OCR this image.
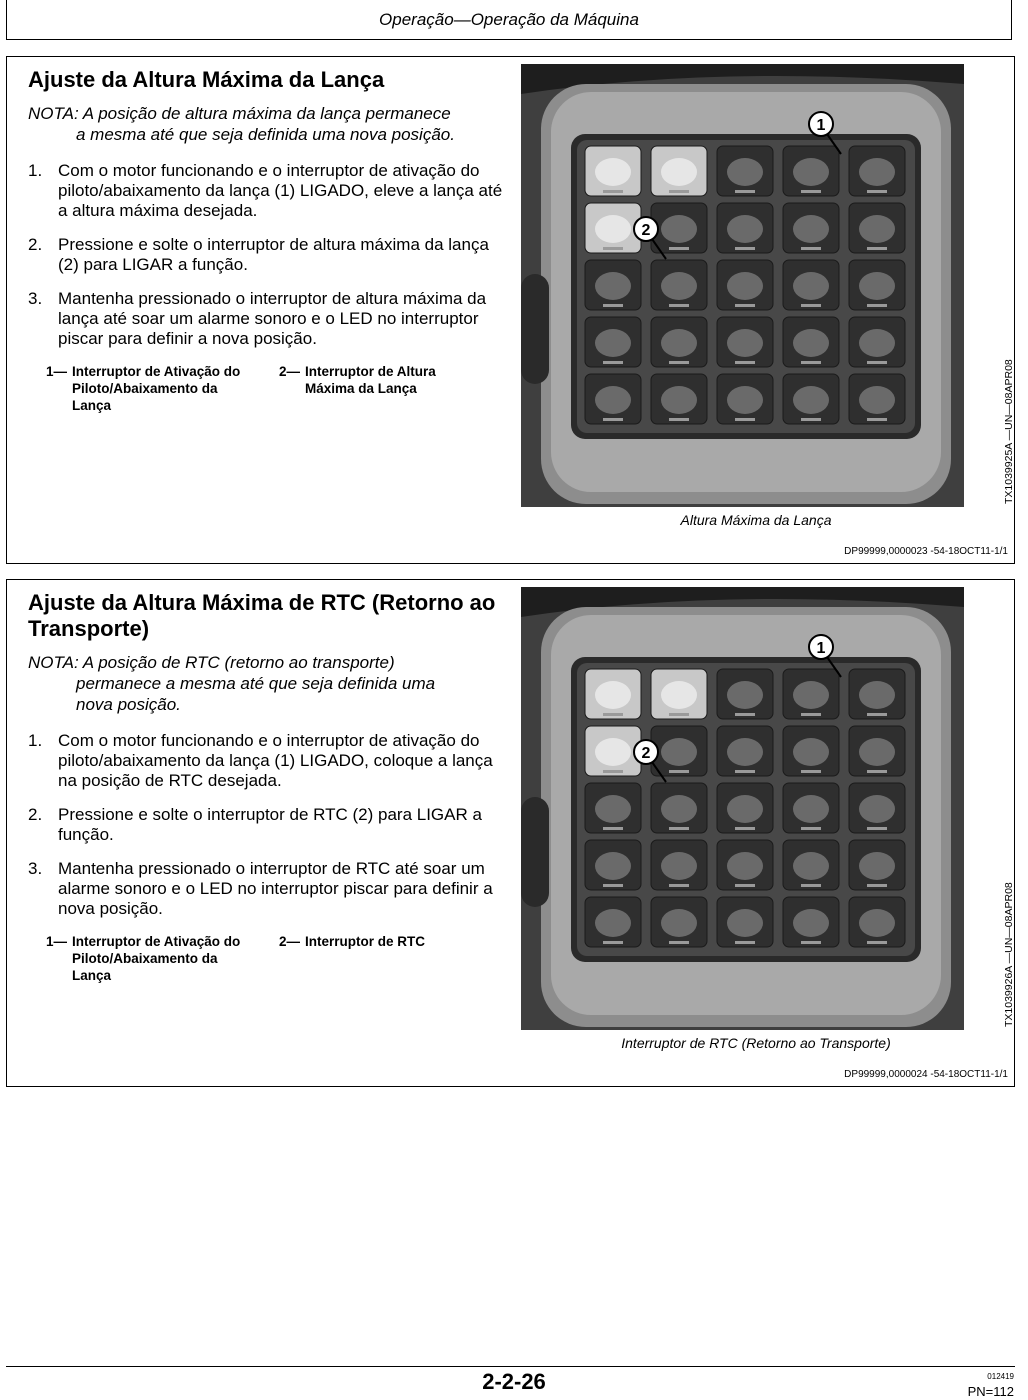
Operação—Operação da Máquina
Ajuste da Altura Máxima da Lança
NOTA: A posição de altura máxima da lança permanece
a mesma até que seja definida uma nova posição.
1. Com o motor funcionando e o interruptor de ativação do piloto/abaixamento da lança (1) LIGADO, eleve a lança até a altura máxima desejada.
2. Pressione e solte o interruptor de altura máxima da lança (2) para LIGAR a função.
3. Mantenha pressionado o interruptor de altura máxima da lança até soar um alarme sonoro e o LED no interruptor piscar para definir a nova posição.
1— Interruptor de Ativação do Piloto/Abaixamento da Lança
2— Interruptor de Altura Máxima da Lança
1
2
TX1039925A —UN—08APR08
Altura Máxima da Lança
DP99999,0000023 -54-18OCT11-1/1
Ajuste da Altura Máxima de RTC (Retorno ao Transporte)
NOTA: A posição de RTC (retorno ao transporte)
permanece a mesma até que seja definida uma nova posição.
1. Com o motor funcionando e o interruptor de ativação do piloto/abaixamento da lança (1) LIGADO, coloque a lança na posição de RTC desejada.
2. Pressione e solte o interruptor de RTC (2) para LIGAR a função.
3. Mantenha pressionado o interruptor de RTC até soar um alarme sonoro e o LED no interruptor piscar para definir a nova posição.
1— Interruptor de Ativação do Piloto/Abaixamento da Lança
2— Interruptor de RTC
1
2
TX1039926A —UN—08APR08
Interruptor de RTC (Retorno ao Transporte)
DP99999,0000024 -54-18OCT11-1/1
2-2-26	012419
PN=112
